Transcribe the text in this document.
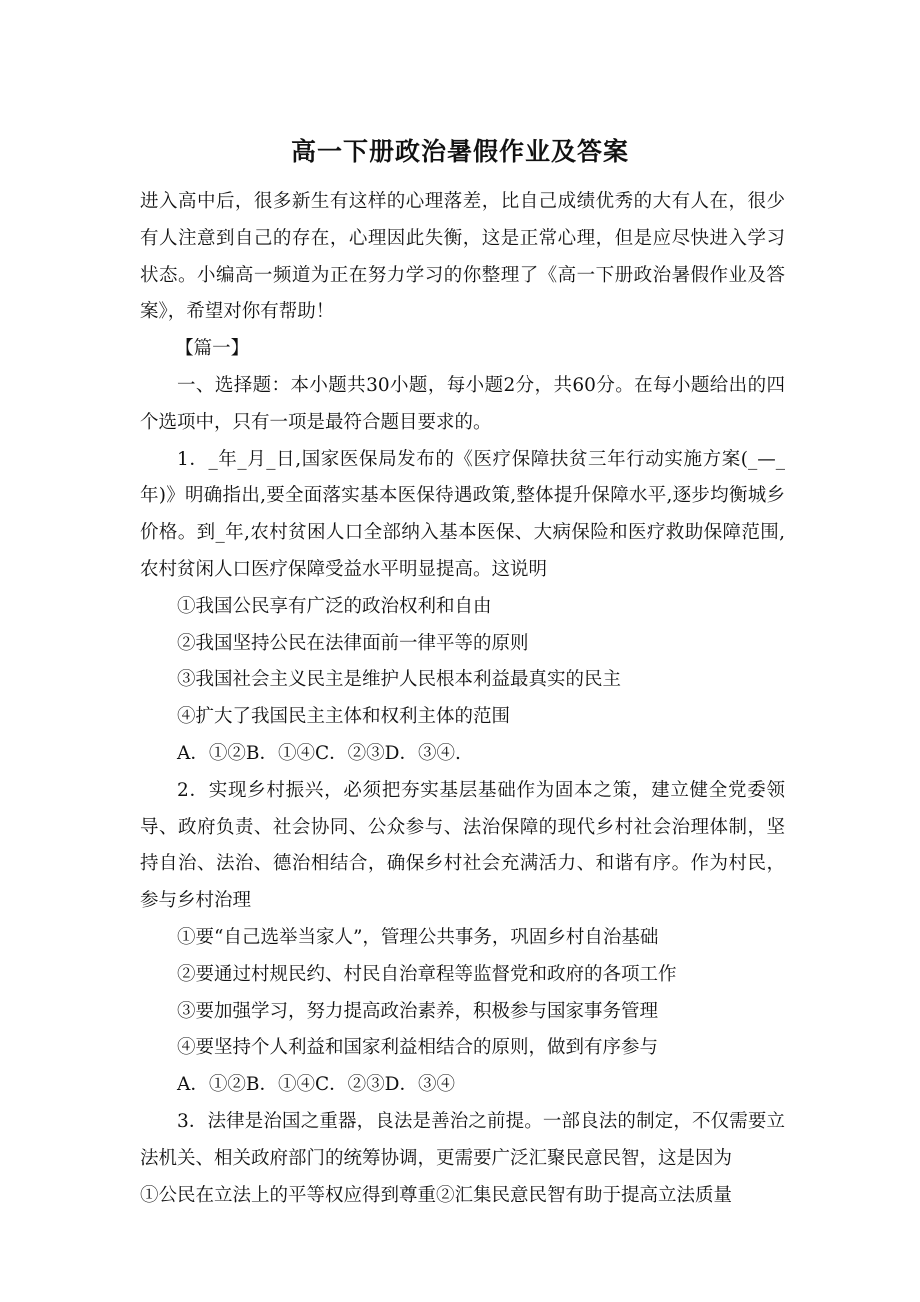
高一下册政治暑假作业及答案

进入高中后，很多新生有这样的心理落差，比自己成绩优秀的大有人在，很少有人注意到自己的存在，心理因此失衡，这是正常心理，但是应尽快进入学习状态。小编高一频道为正在努力学习的你整理了《高一下册政治暑假作业及答案》，希望对你有帮助！

【篇一】

一、选择题：本小题共30小题，每小题2分，共60分。在每小题给出的四个选项中，只有一项是最符合题目要求的。

1．_年_月_日,国家医保局发布的《医疗保障扶贫三年行动实施方案(_—_年)》明确指出,要全面落实基本医保待遇政策,整体提升保障水平,逐步均衡城乡价格。到_年,农村贫困人口全部纳入基本医保、大病保险和医疗救助保障范围,农村贫闲人口医疗保障受益水平明显提高。这说明

①我国公民享有广泛的政治权利和自由

②我国坚持公民在法律面前一律平等的原则

③我国社会主义民主是维护人民根本利益最真实的民主

④扩大了我国民主主体和权利主体的范围

A．①②B．①④C．②③D．③④.

2．实现乡村振兴，必须把夯实基层基础作为固本之策，建立健全党委领导、政府负责、社会协同、公众参与、法治保障的现代乡村社会治理体制，坚持自治、法治、德治相结合，确保乡村社会充满活力、和谐有序。作为村民，参与乡村治理

①要“自己选举当家人”，管理公共事务，巩固乡村自治基础

②要通过村规民约、村民自治章程等监督党和政府的各项工作

③要加强学习，努力提高政治素养，积极参与国家事务管理

④要坚持个人利益和国家利益相结合的原则，做到有序参与

A．①②B．①④C．②③D．③④

3．法律是治国之重器，良法是善治之前提。一部良法的制定，不仅需要立法机关、相关政府部门的统筹协调，更需要广泛汇聚民意民智，这是因为

①公民在立法上的平等权应得到尊重②汇集民意民智有助于提高立法质量
